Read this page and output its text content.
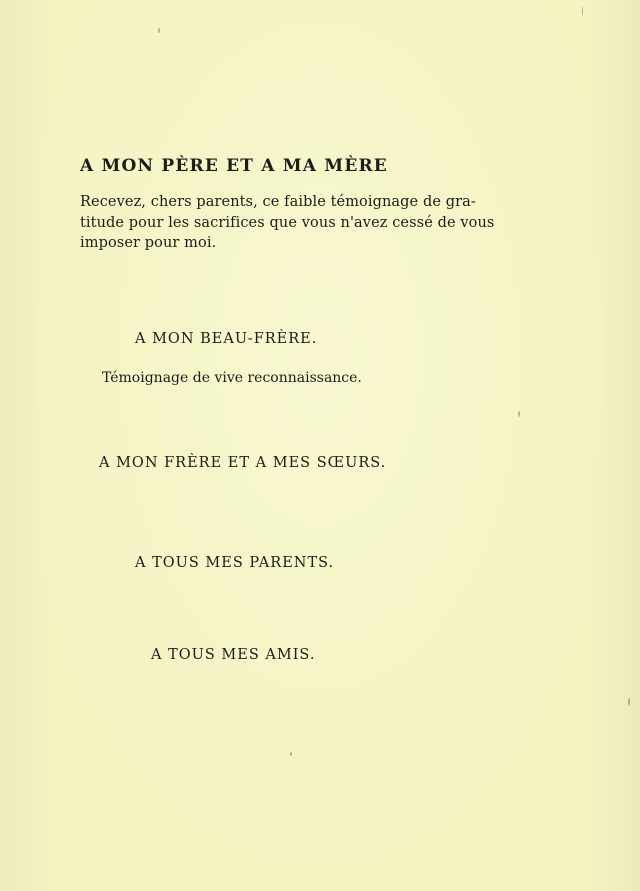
A MON PÈRE ET A MA MÈRE
Recevez, chers parents, ce faible témoignage de gra-
titude pour les sacrifices que vous n'avez cessé de vous
imposer pour moi.
A MON BEAU-FRÈRE.
Témoignage de vive reconnaissance.
A MON FRÈRE ET A MES SŒURS.
A TOUS MES PARENTS.
A TOUS MES AMIS.
